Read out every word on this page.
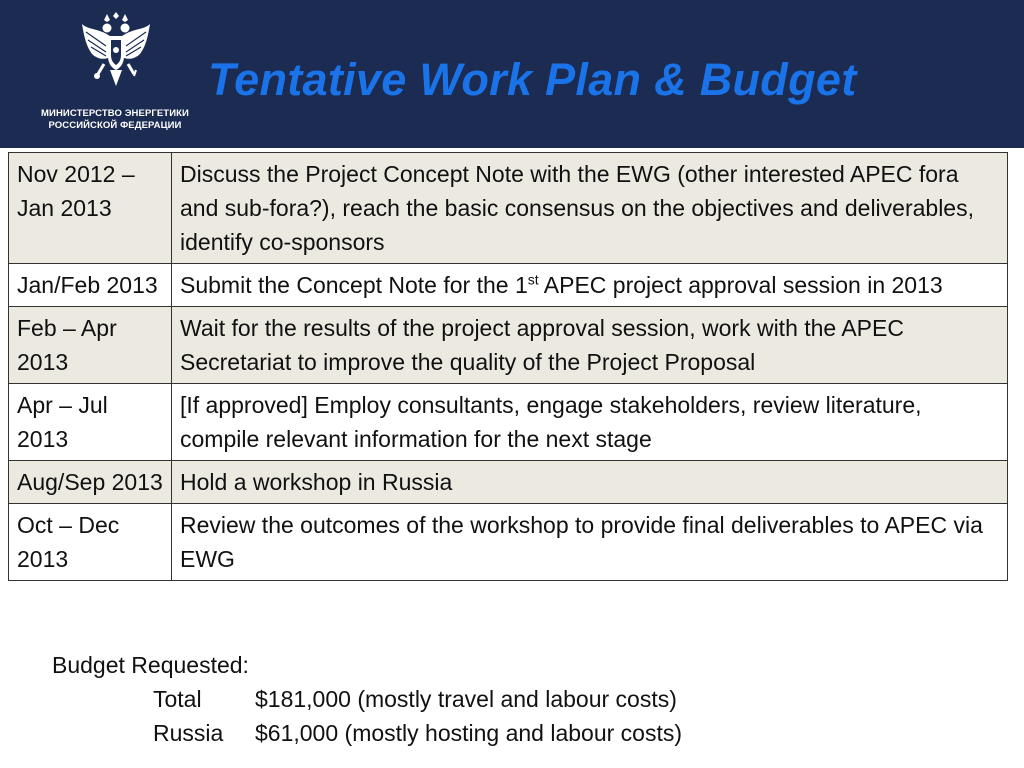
МИНИСТЕРСТВО ЭНЕРГЕТИКИ
РОССИЙСКОЙ ФЕДЕРАЦИИ
Tentative Work Plan & Budget
Nov 2012 – Jan 2013	Discuss the Project Concept Note with the EWG (other interested APEC fora and sub-fora?), reach the basic consensus on the objectives and deliverables, identify co-sponsors
Jan/Feb 2013	Submit the Concept Note for the 1st APEC project approval session in 2013
Feb – Apr 2013	Wait for the results of the project approval session, work with the APEC Secretariat to improve the quality of the Project Proposal
Apr – Jul 2013	[If approved] Employ consultants, engage stakeholders, review literature, compile relevant information for the next stage
Aug/Sep 2013	Hold a workshop in Russia
Oct – Dec 2013	Review the outcomes of the workshop to provide final deliverables to APEC via EWG
Budget Requested:
Total $181,000 (mostly travel and labour costs)
Russia $61,000 (mostly hosting and labour costs)
